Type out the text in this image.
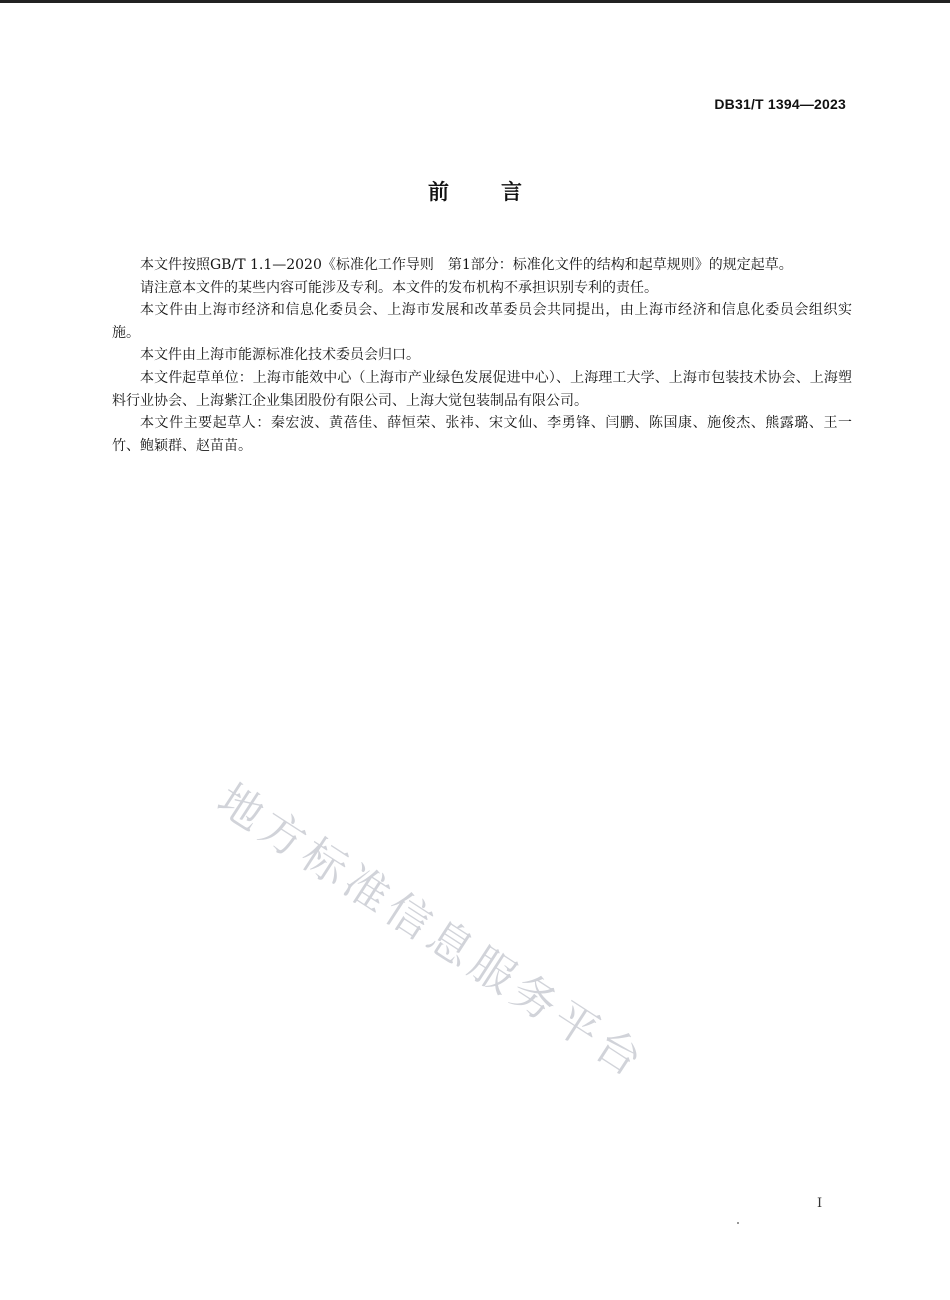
DB31/T 1394—2023
前言

本文件按照GB/T 1.1—2020《标准化工作导则　第1部分：标准化文件的结构和起草规则》的规定起草。

请注意本文件的某些内容可能涉及专利。本文件的发布机构不承担识别专利的责任。

本文件由上海市经济和信息化委员会、上海市发展和改革委员会共同提出，由上海市经济和信息化委员会组织实施。

本文件由上海市能源标准化技术委员会归口。

本文件起草单位：上海市能效中心（上海市产业绿色发展促进中心）、上海理工大学、上海市包装技术协会、上海塑料行业协会、上海紫江企业集团股份有限公司、上海大觉包装制品有限公司。

本文件主要起草人：秦宏波、黄蓓佳、薛恒荣、张祎、宋文仙、李勇锋、闫鹏、陈国康、施俊杰、熊露璐、王一竹、鲍颖群、赵苗苗。

地方标准信息服务平台
I
